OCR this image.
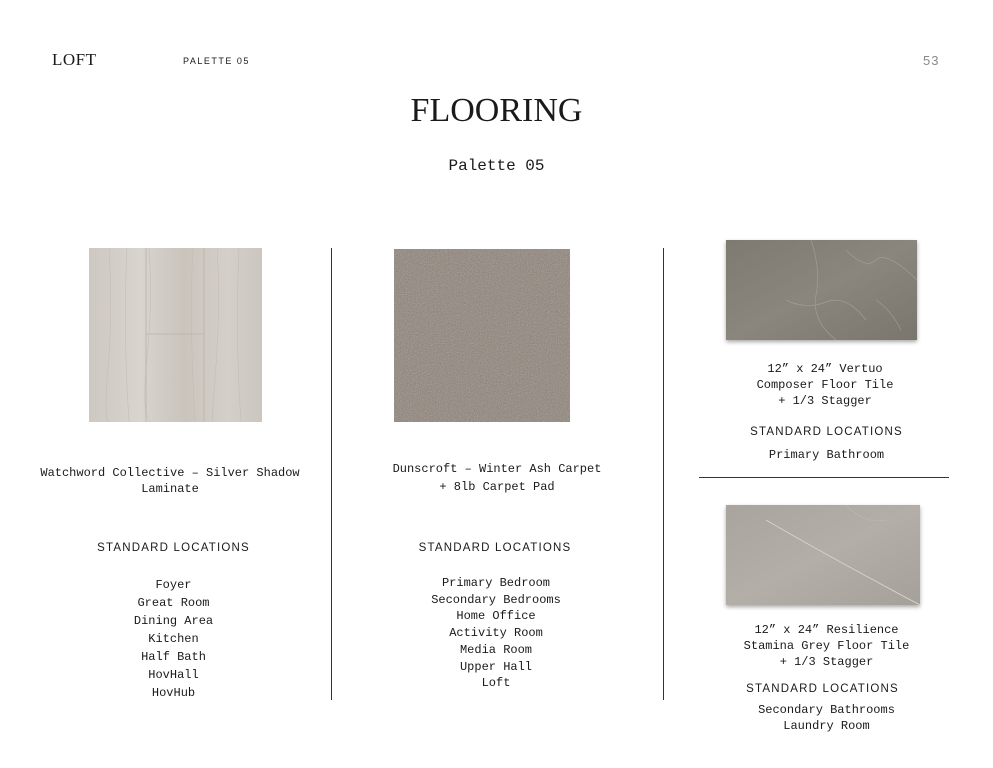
LOFT	PALETTE 05	53
FLOORING
Palette 05
Watchword Collective – Silver Shadow
Laminate
STANDARD LOCATIONS
Foyer
Great Room
Dining Area
Kitchen
Half Bath
HovHall
HovHub
Dunscroft – Winter Ash Carpet
+ 8lb Carpet Pad
STANDARD LOCATIONS
Primary Bedroom
Secondary Bedrooms
Home Office
Activity Room
Media Room
Upper Hall
Loft
12” x 24” Vertuo
Composer Floor Tile
+ 1/3 Stagger
STANDARD LOCATIONS
Primary Bathroom
12” x 24” Resilience
Stamina Grey Floor Tile
+ 1/3 Stagger
STANDARD LOCATIONS
Secondary Bathrooms
Laundry Room
